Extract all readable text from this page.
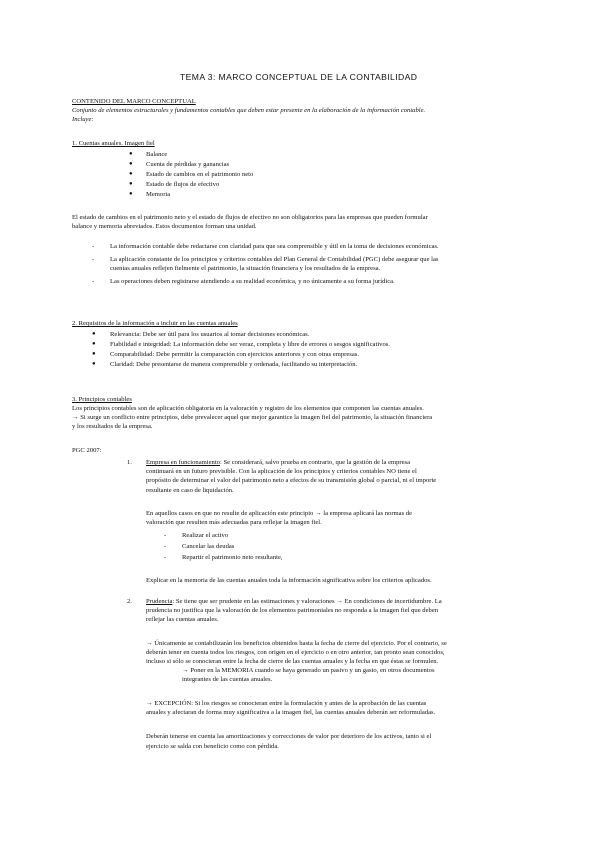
TEMA 3: MARCO CONCEPTUAL DE LA CONTABILIDAD
CONTENIDO DEL MARCO CONCEPTUAL
Conjunto de elementos estructurales y fundamentos contables que deben estar presente en la elaboración de la información contable.
Incluye:
1. Cuentas anuales. Imagen fiel
● Balance
● Cuenta de pérdidas y ganancias
● Estado de cambios en el patrimonio neto
● Estado de flujos de efectivo
● Memoria
El estado de cambios en el patrimonio neto y el estado de flujos de efectivo no son obligatorios para las empresas que pueden formular
balance y memoria abreviados. Estos documentos forman una unidad.
- La información contable debe redactarse con claridad para que sea comprensible y útil en la toma de decisiones económicas.
- La aplicación constante de los principios y criterios contables del Plan General de Contabilidad (PGC) debe asegurar que las
cuentas anuales reflejen fielmente el patrimonio, la situación financiera y los resultados de la empresa.
- Las operaciones deben registrarse atendiendo a su realidad económica, y no únicamente a su forma jurídica.
2. Requisitos de la información a incluir en las cuentas anuales
● Relevancia: Debe ser útil para los usuarios al tomar decisiones económicas.
● Fiabilidad e integridad: La información debe ser veraz, completa y libre de errores o sesgos significativos.
● Comparabilidad: Debe permitir la comparación con ejercicios anteriores y con otras empresas.
● Claridad: Debe presentarse de manera comprensible y ordenada, facilitando su interpretación.
3. Principios contables
Los principios contables son de aplicación obligatoria en la valoración y registro de los elementos que componen las cuentas anuales.
→ Si surge un conflicto entre principios, debe prevalecer aquel que mejor garantice la imagen fiel del patrimonio, la situación financiera
y los resultados de la empresa.
PGC 2007:
1. Empresa en funcionamiento: Se considerará, salvo prueba en contrario, que la gestión de la empresa
continuará en un futuro previsible. Con la aplicación de los principios y criterios contables NO tiene el
propósito de determinar el valor del patrimonio neto a efectos de su transmisión global o parcial, ni el importe
resultante en caso de liquidación.
En aquellos casos en que no resulte de aplicación este principio → la empresa aplicará las normas de
valoración que resulten más adecuadas para reflejar la imagen fiel.
- Realizar el activo
- Cancelar las deudas
- Repartir el patrimonio neto resultante,
Explicar en la memoria de las cuentas anuales toda la información significativa sobre los criterios aplicados.
2. Prudencia: Se tiene que ser prudente en las estimaciones y valoraciones → En condiciones de incertidumbre. La
prudencia no justifica que la valoración de los elementos patrimoniales no responda a la imagen fiel que deben
reflejar las cuentas anuales.
→ Únicamente se contabilizarán los beneficios obtenidos hasta la fecha de cierre del ejercicio. Por el contrario, se
deberán tener en cuenta todos los riesgos, con origen en el ejercicio o en otro anterior, tan pronto sean conocidos,
incluso si sólo se conocieran entre la fecha de cierre de las cuentas anuales y la fecha en que éstas se formulen.
→ Poner en la MEMORIA cuando se haya generado un pasivo y un gasto, en otros documentos
integrantes de las cuentas anuales.
→ EXCEPCIÓN: Si los riesgos se conocieran entre la formulación y antes de la aprobación de las cuentas
anuales y afectaran de forma muy significativa a la imagen fiel, las cuentas anuales deberán ser reformuladas.
Deberán tenerse en cuenta las amortizaciones y correcciones de valor por deterioro de los activos, tanto si el
ejercicio se salda con beneficio como con pérdida.
